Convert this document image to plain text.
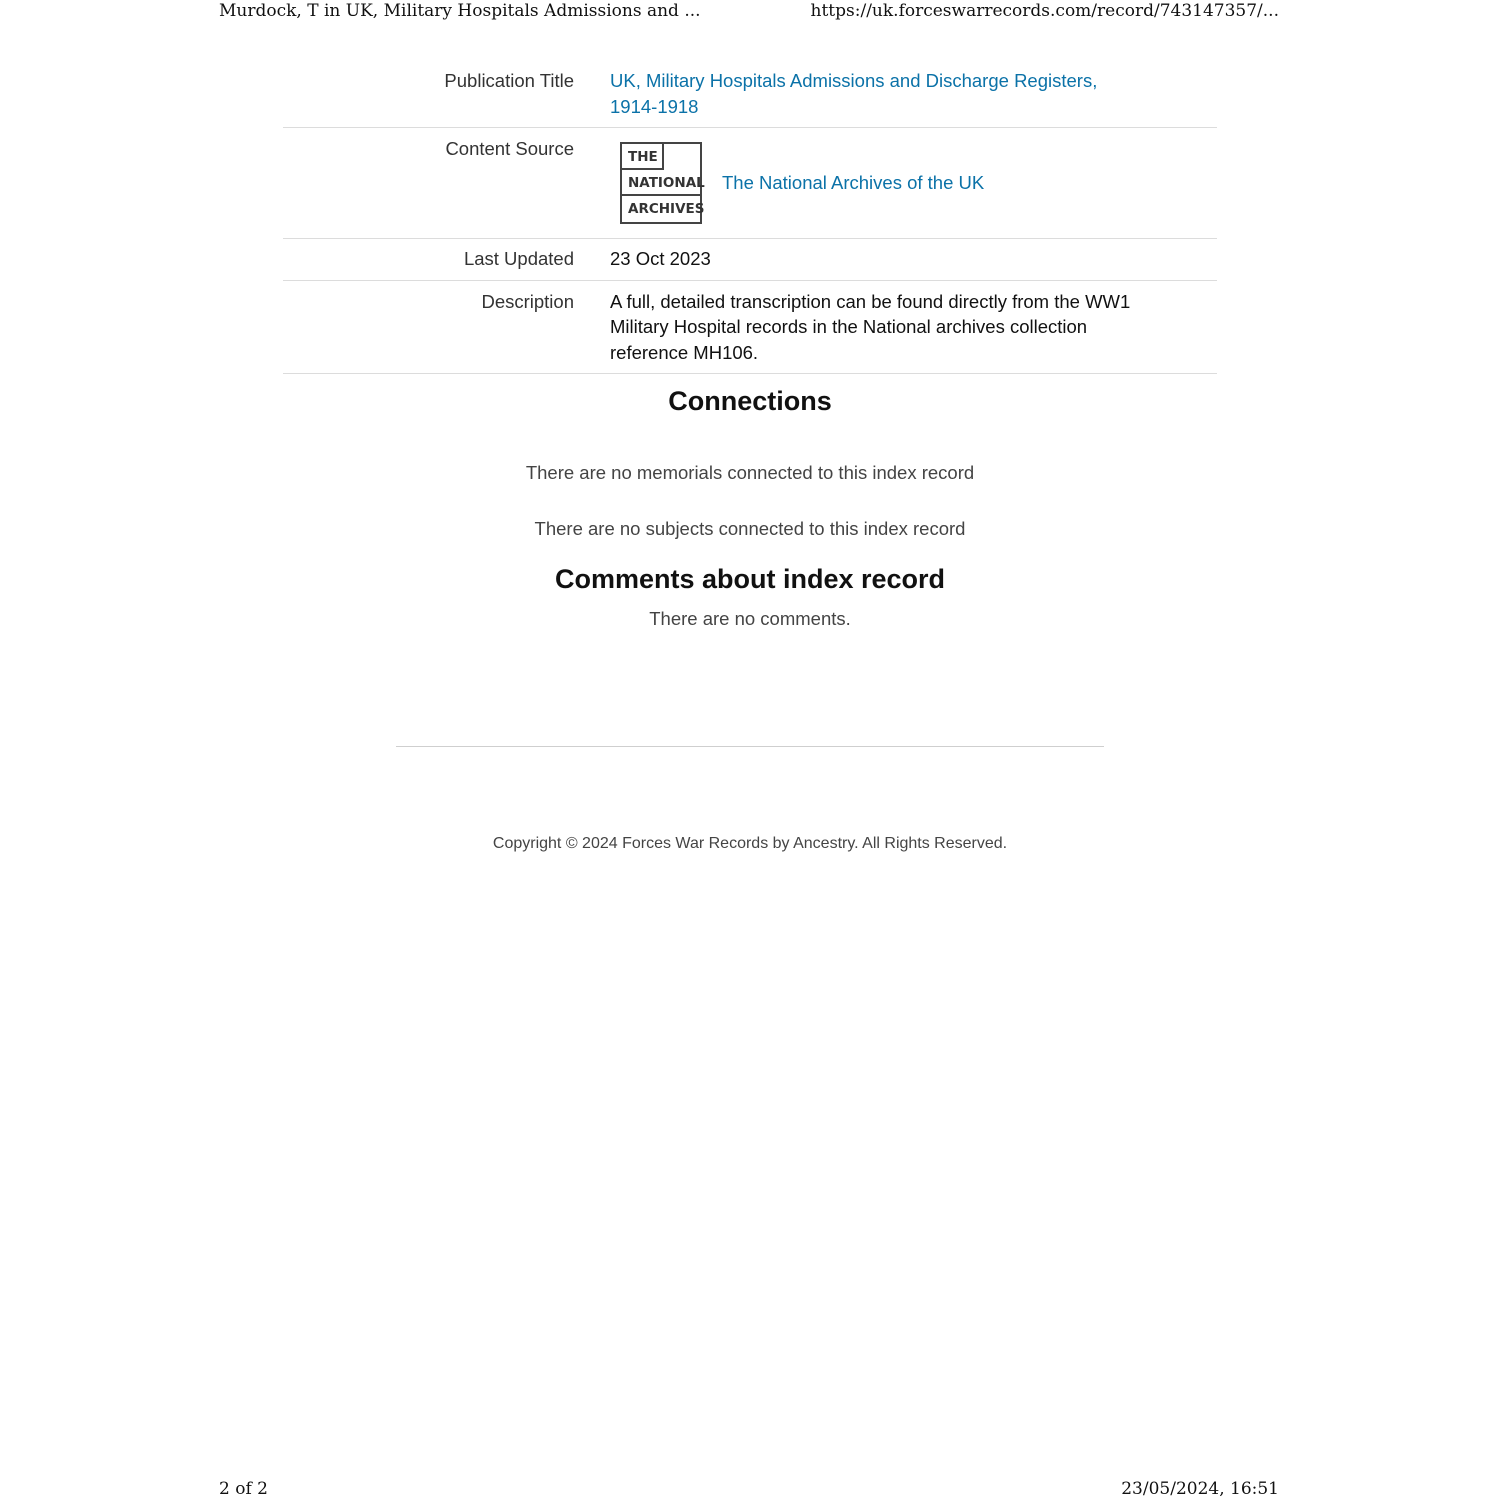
Murdock, T in UK, Military Hospitals Admissions and ...	https://uk.forceswarrecords.com/record/743147357/...
Publication Title UK, Military Hospitals Admissions and Discharge Registers,
1914-1918
Content Source	THE
NATIONAL
ARCHIVES
The National Archives of the UK
Last Updated 23 Oct 2023
Description A full, detailed transcription can be found directly from the WW1
Military Hospital records in the National archives collection
reference MH106.
Connections
There are no memorials connected to this index record
There are no subjects connected to this index record
Comments about index record
There are no comments.
Copyright © 2024 Forces War Records by Ancestry. All Rights Reserved.
2 of 2	23/05/2024, 16:51
